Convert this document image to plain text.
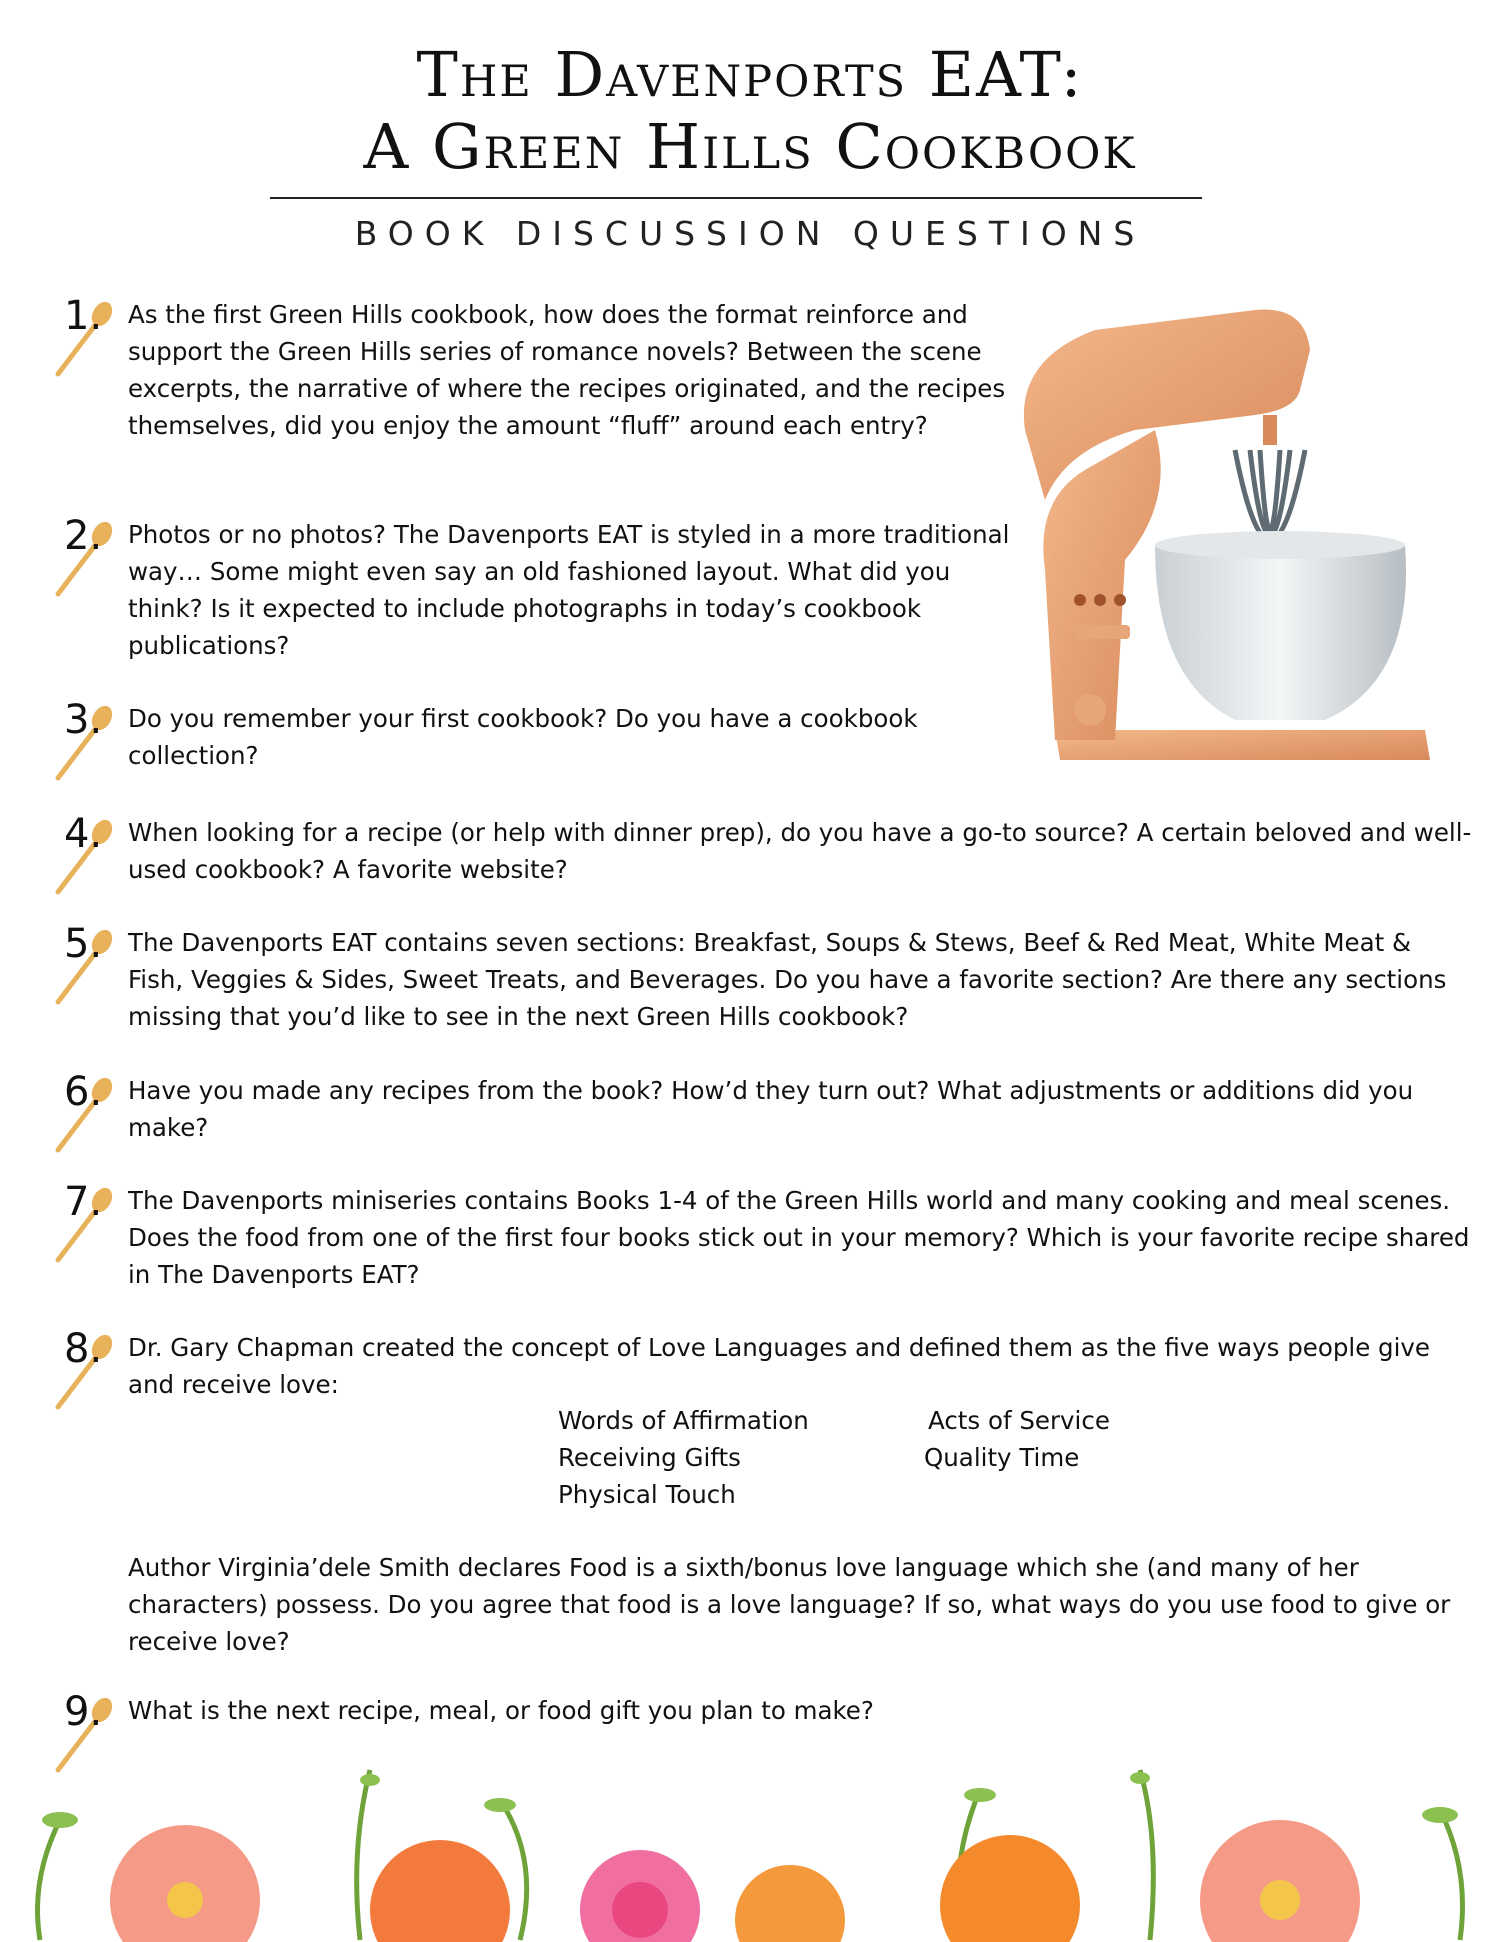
The Davenports EAT:
A Green Hills Cookbook
BOOK DISCUSSION QUESTIONS
1. As the first Green Hills cookbook, how does the format reinforce and support the Green Hills series of romance novels? Between the scene excerpts, the narrative of where the recipes originated, and the recipes themselves, did you enjoy the amount “fluff” around each entry?

2. Photos or no photos? The Davenports EAT is styled in a more traditional way… Some might even say an old fashioned layout. What did you think? Is it expected to include photographs in today’s cookbook publications?

3. Do you remember your first cookbook? Do you have a cookbook collection?

4. When looking for a recipe (or help with dinner prep), do you have a go-to source? A certain beloved and well-used cookbook? A favorite website?

5. The Davenports EAT contains seven sections: Breakfast, Soups & Stews, Beef & Red Meat, White Meat & Fish, Veggies & Sides, Sweet Treats, and Beverages. Do you have a favorite section? Are there any sections missing that you’d like to see in the next Green Hills cookbook?

6. Have you made any recipes from the book? How’d they turn out? What adjustments or additions did you make?

7. The Davenports miniseries contains Books 1-4 of the Green Hills world and many cooking and meal scenes. Does the food from one of the first four books stick out in your memory? Which is your favorite recipe shared in The Davenports EAT?

8. Dr. Gary Chapman created the concept of Love Languages and defined them as the five ways people give and receive love:

Words of Affirmation	Acts of Service
Receiving Gifts	Quality Time
Physical Touch

Author Virginia’dele Smith declares Food is a sixth/bonus love language which she (and many of her characters) possess. Do you agree that food is a love language? If so, what ways do you use food to give or receive love?

9. What is the next recipe, meal, or food gift you plan to make?
